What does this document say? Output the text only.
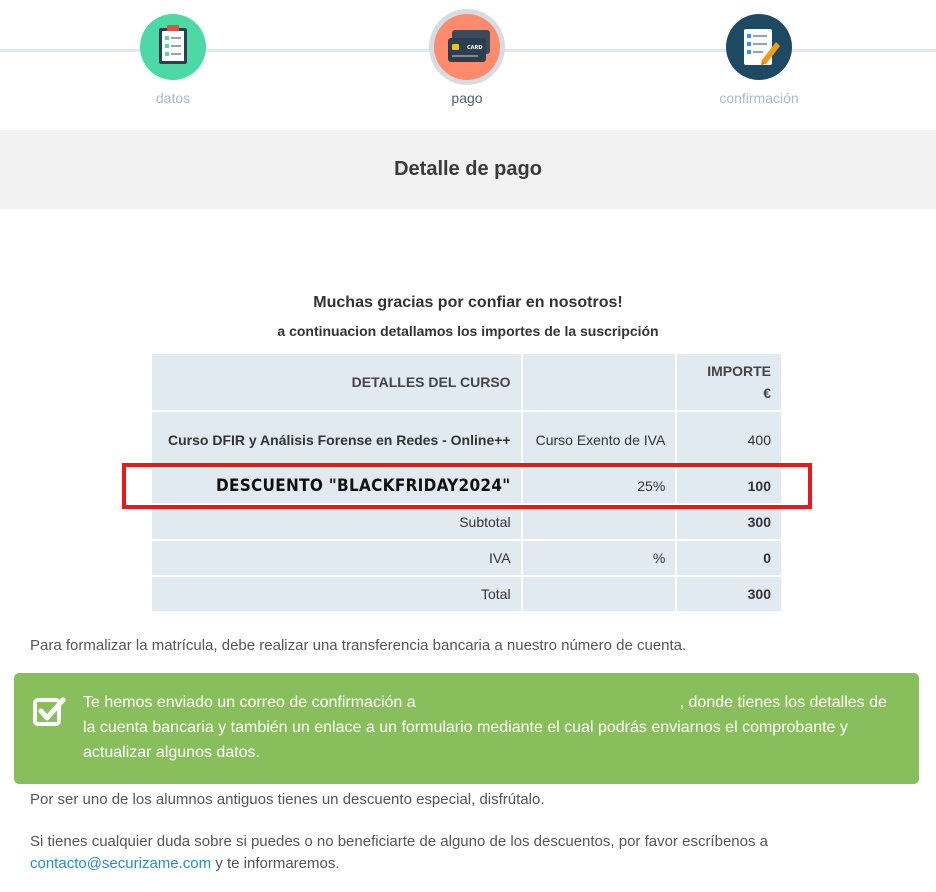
datos
CARD
pago	confirmación
Detalle de pago
Muchas gracias por confiar en nosotros!
a continuacion detallamos los importes de la suscripción
DETALLES DEL CURSO		IMPORTE
€
Curso DFIR y Análisis Forense en Redes - Online++	Curso Exento de IVA	400
DESCUENTO "BLACKFRIDAY2024"	25%	100
Subtotal		300
IVA	%	0
Total		300
Para formalizar la matrícula, debe realizar una transferencia bancaria a nuestro número de cuenta.
Te hemos enviado un correo de confirmación a	, donde tienes los detalles de la cuenta bancaria y también un enlace a un formulario mediante el cual podrás enviarnos el comprobante y actualizar algunos datos.
Por ser uno de los alumnos antiguos tienes un descuento especial, disfrútalo.
Si tienes cualquier duda sobre si puedes o no beneficiarte de alguno de los descuentos, por favor escríbenos a
contacto@securizame.com y te informaremos.
